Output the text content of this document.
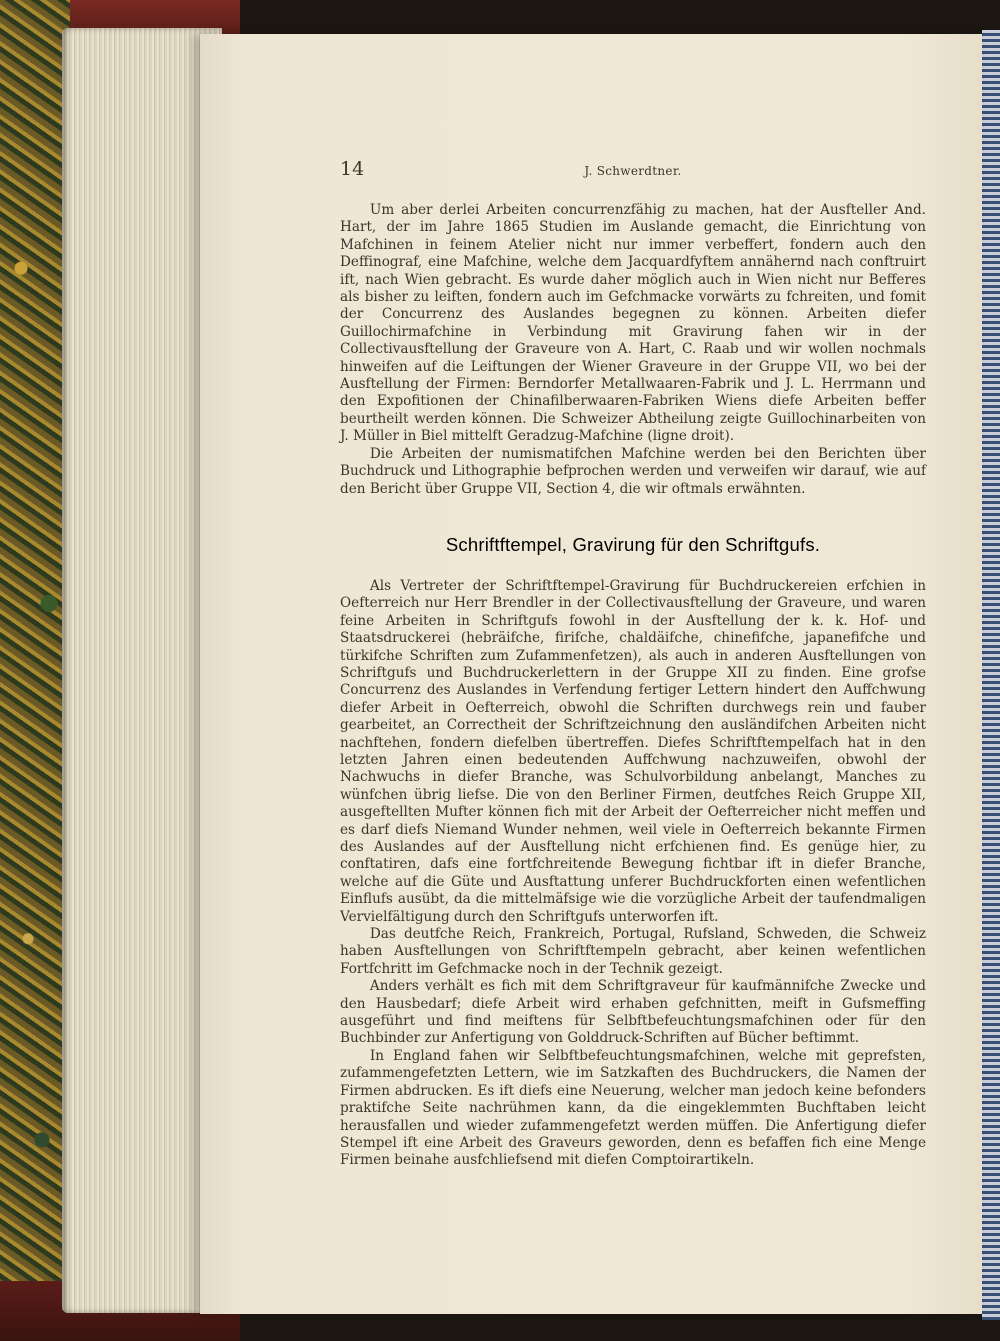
14	J. Schwerdtner.

Um aber derlei Arbeiten concurrenzfähig zu machen, hat der Ausfteller And. Hart, der im Jahre 1865 Studien im Auslande gemacht, die Einrichtung von Mafchinen in feinem Atelier nicht nur immer verbeffert, fondern auch den Deffinograf, eine Mafchine, welche dem Jacquardfyftem annähernd nach conftruirt ift, nach Wien gebracht. Es wurde daher möglich auch in Wien nicht nur Befferes als bisher zu leiften, fondern auch im Gefchmacke vorwärts zu fchreiten, und fomit der Concurrenz des Auslandes begegnen zu können. Arbeiten diefer Guillochirmafchine in Verbindung mit Gravirung fahen wir in der Collectivausftellung der Graveure von A. Hart, C. Raab und wir wollen nochmals hinweifen auf die Leiftungen der Wiener Graveure in der Gruppe VII, wo bei der Ausftellung der Firmen: Berndorfer Metallwaaren-Fabrik und J. L. Herrmann und den Expofitionen der Chinafilberwaaren-Fabriken Wiens diefe Arbeiten beffer beurtheilt werden können. Die Schweizer Abtheilung zeigte Guillochinarbeiten von J. Müller in Biel mittelft Geradzug-Mafchine (ligne droit).

Die Arbeiten der numismatifchen Mafchine werden bei den Berichten über Buchdruck und Lithographie befprochen werden und verweifen wir darauf, wie auf den Bericht über Gruppe VII, Section 4, die wir oftmals erwähnten.

Schriftftempel, Gravirung für den Schriftgufs.

Als Vertreter der Schriftftempel-Gravirung für Buchdruckereien erfchien in Oefterreich nur Herr Brendler in der Collectivausftellung der Graveure, und waren feine Arbeiten in Schriftgufs fowohl in der Ausftellung der k. k. Hof- und Staatsdruckerei (hebräifche, firifche, chaldäifche, chinefifche, japanefifche und türkifche Schriften zum Zufammenfetzen), als auch in anderen Ausftellungen von Schriftgufs und Buchdruckerlettern in der Gruppe XII zu finden. Eine grofse Concurrenz des Auslandes in Verfendung fertiger Lettern hindert den Auffchwung diefer Arbeit in Oefterreich, obwohl die Schriften durchwegs rein und fauber gearbeitet, an Correctheit der Schriftzeichnung den ausländifchen Arbeiten nicht nachftehen, fondern diefelben übertreffen. Diefes Schriftftempelfach hat in den letzten Jahren einen bedeutenden Auffchwung nachzuweifen, obwohl der Nachwuchs in diefer Branche, was Schulvorbildung anbelangt, Manches zu wünfchen übrig liefse. Die von den Berliner Firmen, deutfches Reich Gruppe XII, ausgeftellten Mufter können fich mit der Arbeit der Oefterreicher nicht meffen und es darf diefs Niemand Wunder nehmen, weil viele in Oefterreich bekannte Firmen des Auslandes auf der Ausftellung nicht erfchienen find. Es genüge hier, zu conftatiren, dafs eine fortfchreitende Bewegung fichtbar ift in diefer Branche, welche auf die Güte und Ausftattung unferer Buchdruckforten einen wefentlichen Einflufs ausübt, da die mittelmäfsige wie die vorzügliche Arbeit der taufendmaligen Vervielfältigung durch den Schriftgufs unterworfen ift.

Das deutfche Reich, Frankreich, Portugal, Rufsland, Schweden, die Schweiz haben Ausftellungen von Schriftftempeln gebracht, aber keinen wefentlichen Fortfchritt im Gefchmacke noch in der Technik gezeigt.

Anders verhält es fich mit dem Schriftgraveur für kaufmännifche Zwecke und den Hausbedarf; diefe Arbeit wird erhaben gefchnitten, meift in Gufsmeffing ausgeführt und find meiftens für Selbftbefeuchtungsmafchinen oder für den Buchbinder zur Anfertigung von Golddruck-Schriften auf Bücher beftimmt.

In England fahen wir Selbftbefeuchtungsmafchinen, welche mit geprefsten, zufammengefetzten Lettern, wie im Satzkaften des Buchdruckers, die Namen der Firmen abdrucken. Es ift diefs eine Neuerung, welcher man jedoch keine befonders praktifche Seite nachrühmen kann, da die eingeklemmten Buchftaben leicht herausfallen und wieder zufammengefetzt werden müffen. Die Anfertigung diefer Stempel ift eine Arbeit des Graveurs geworden, denn es befaffen fich eine Menge Firmen beinahe ausfchliefsend mit diefen Comptoirartikeln.
